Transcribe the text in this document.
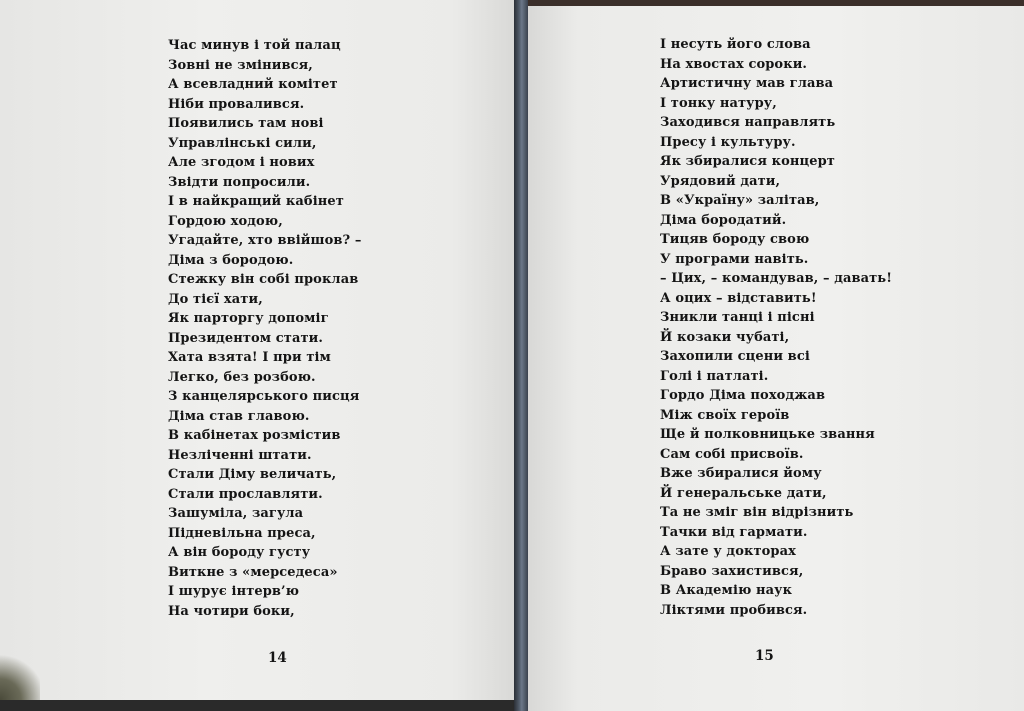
Час минув і той палац
Зовні не змінився,
А всевладний комітет
Ніби провалився.
Появились там нові
Управлінські сили,
Але згодом і нових
Звідти попросили.
І в найкращий кабінет
Гордою ходою,
Угадайте, хто ввійшов? –
Діма з бородою.
Стежку він собі проклав
До тієї хати,
Як парторгу допоміг
Президентом стати.
Хата взята! І при тім
Легко, без розбою.
З канцелярського писця
Діма став главою.
В кабінетах розмістив
Незліченні штати.
Стали Діму величать,
Стали прославляти.
Зашуміла, загула
Підневільна преса,
А він бороду густу
Виткне з «мерседеса»
І шурує інтерв’ю
На чотири боки,
І несуть його слова
На хвостах сороки.
Артистичну мав глава
І тонку натуру,
Заходився направлять
Пресу і культуру.
Як збиралися концерт
Урядовий дати,
В «Україну» залітав,
Діма бородатий.
Тицяв бороду свою
У програми навіть.
– Цих, – командував, – давать!
А оцих – відставить!
Зникли танці і пісні
Й козаки чубаті,
Захопили сцени всі
Голі і патлаті.
Гордо Діма походжав
Між своїх героїв
Ще й полковницьке звання
Сам собі присвоїв.
Вже збиралися йому
Й генеральське дати,
Та не зміг він відрізнить
Тачки від гармати.
А зате у докторах
Браво захистився,
В Академію наук
Ліктями пробився.
14	15
